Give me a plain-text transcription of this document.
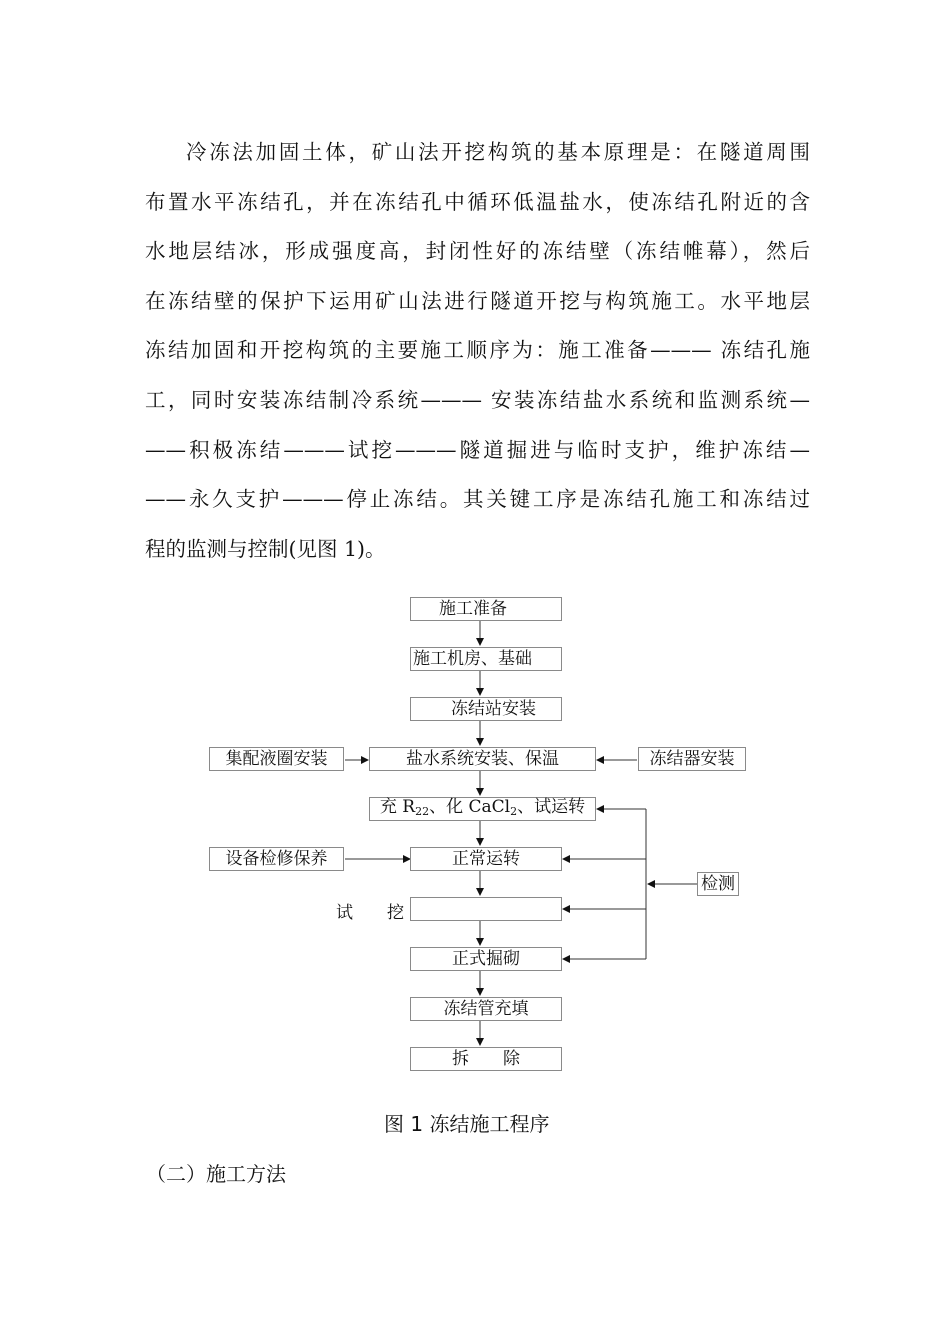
冷冻法加固土体，矿山法开挖构筑的基本原理是：在隧道周围
布置水平冻结孔，并在冻结孔中循环低温盐水，使冻结孔附近的含
水地层结冰，形成强度高，封闭性好的冻结壁（冻结帷幕），然后
在冻结壁的保护下运用矿山法进行隧道开挖与构筑施工。水平地层
冻结加固和开挖构筑的主要施工顺序为：施工准备——— 冻结孔施
工，同时安装冻结制冷系统——— 安装冻结盐水系统和监测系统—
——积极冻结———试挖———隧道掘进与临时支护，维护冻结—
——永久支护———停止冻结。其关键工序是冻结孔施工和冻结过
程的监测与控制(见图 1)。

施工准备
施工机房、基础
冻结站安装
盐水系统安装、保温
充 $R_{22}$、化 CaCl$_2$、试运转
正常运转
试　　挖
正式掘砌
冻结管充填
拆　　除
集配液圈安装	冻结器安装
设备检修保养
检测
图 1 冻结施工程序
（二）施工方法
